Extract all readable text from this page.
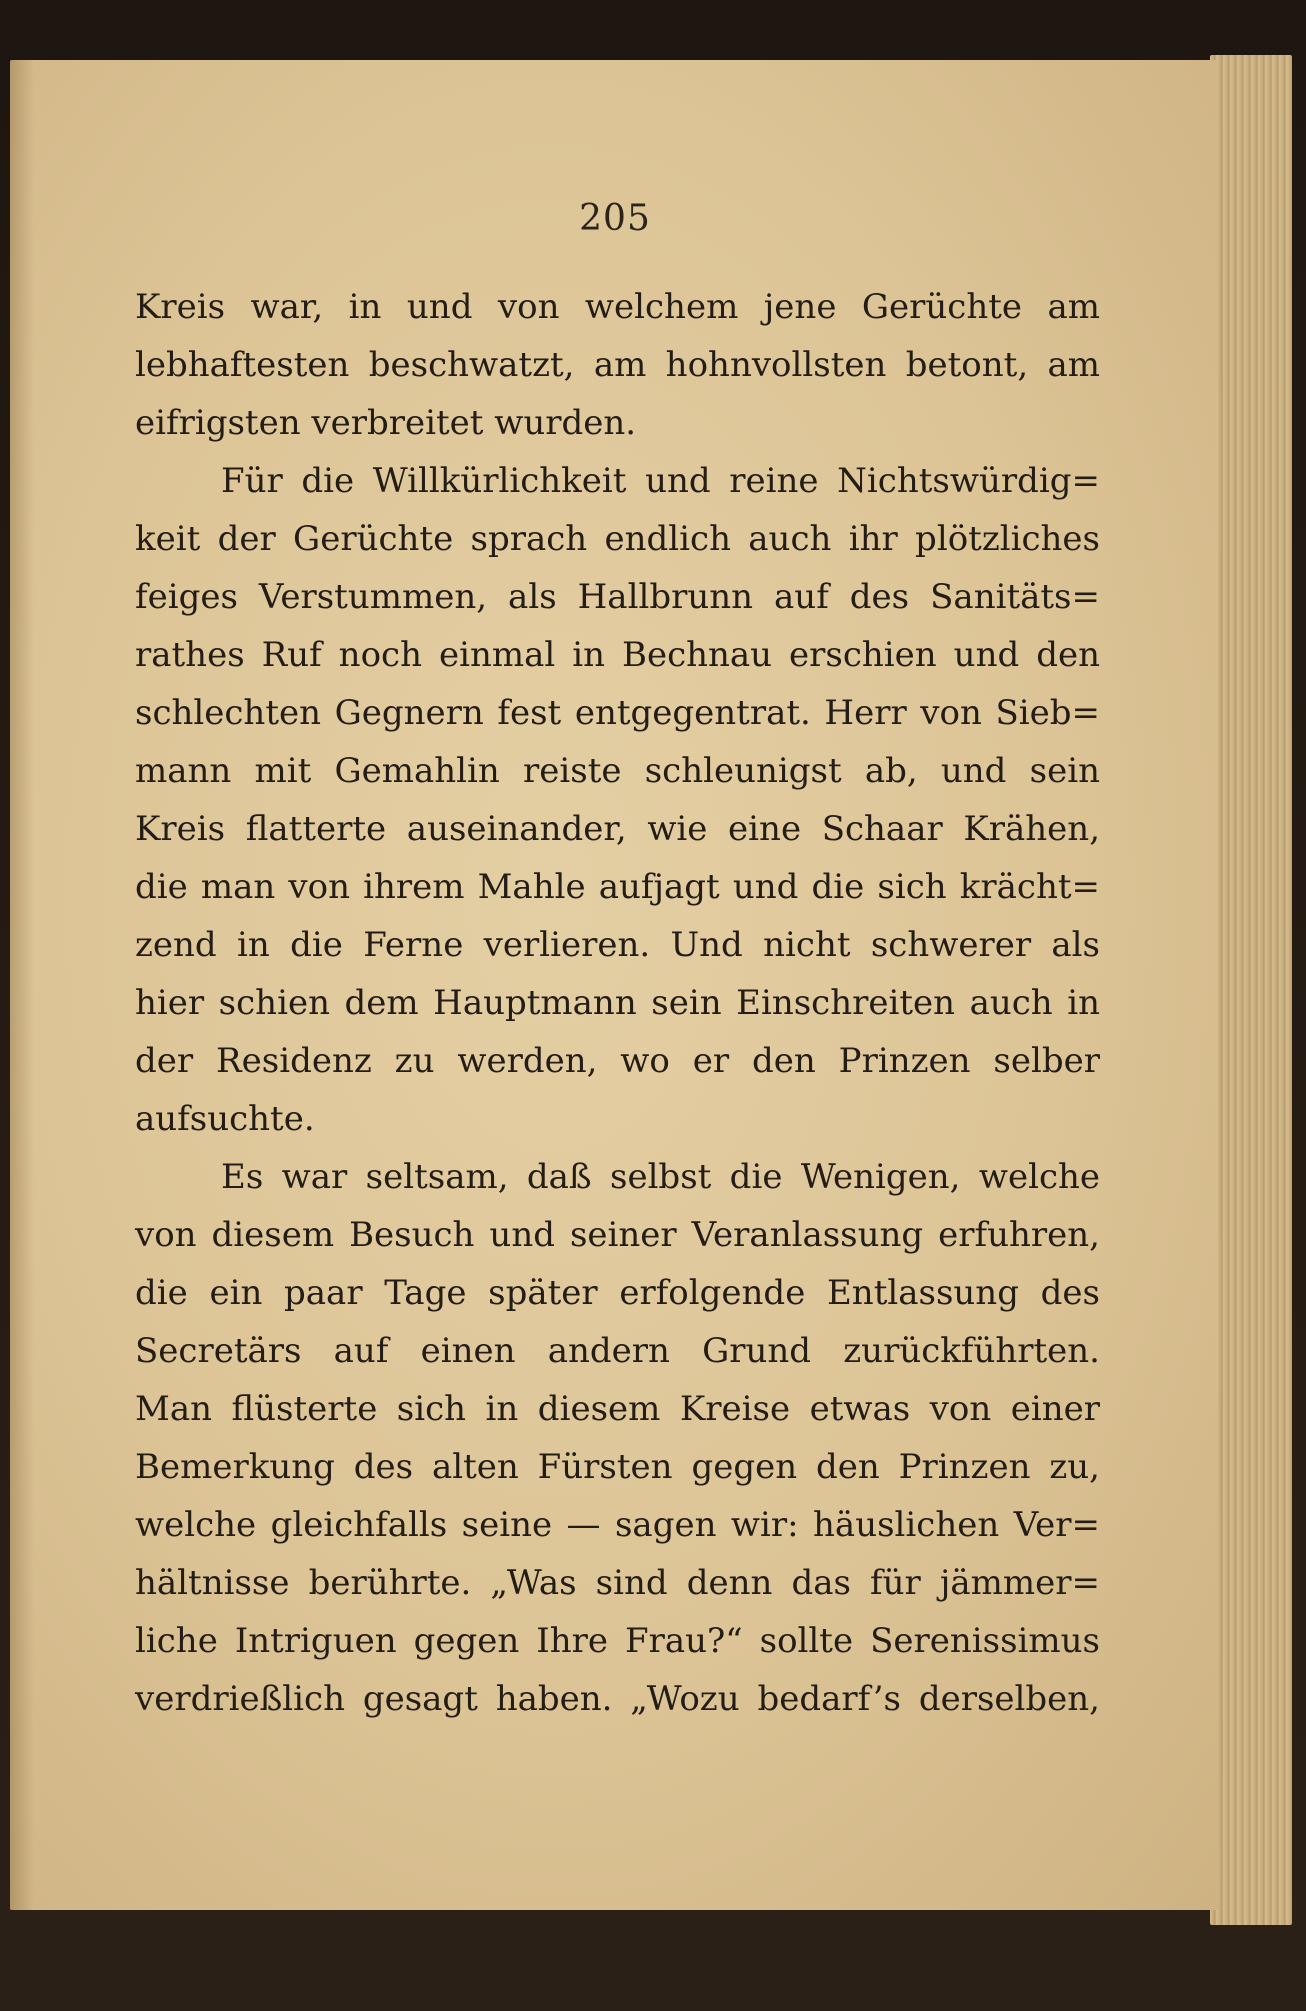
205
Kreis war, in und von welchem jene Gerüchte am
lebhaftesten beschwatzt, am hohnvollsten betont, am
eifrigsten verbreitet wurden.
Für die Willkürlichkeit und reine Nichtswürdig=
keit der Gerüchte sprach endlich auch ihr plötzliches
feiges Verstummen, als Hallbrunn auf des Sanitäts=
rathes Ruf noch einmal in Bechnau erschien und den
schlechten Gegnern fest entgegentrat. Herr von Sieb=
mann mit Gemahlin reiste schleunigst ab, und sein
Kreis flatterte auseinander, wie eine Schaar Krähen,
die man von ihrem Mahle aufjagt und die sich krächt=
zend in die Ferne verlieren. Und nicht schwerer als
hier schien dem Hauptmann sein Einschreiten auch in
der Residenz zu werden, wo er den Prinzen selber
aufsuchte.
Es war seltsam, daß selbst die Wenigen, welche
von diesem Besuch und seiner Veranlassung erfuhren,
die ein paar Tage später erfolgende Entlassung des
Secretärs auf einen andern Grund zurückführten.
Man flüsterte sich in diesem Kreise etwas von einer
Bemerkung des alten Fürsten gegen den Prinzen zu,
welche gleichfalls seine — sagen wir: häuslichen Ver=
hältnisse berührte. „Was sind denn das für jämmer=
liche Intriguen gegen Ihre Frau?“ sollte Serenissimus
verdrießlich gesagt haben. „Wozu bedarf’s derselben,
